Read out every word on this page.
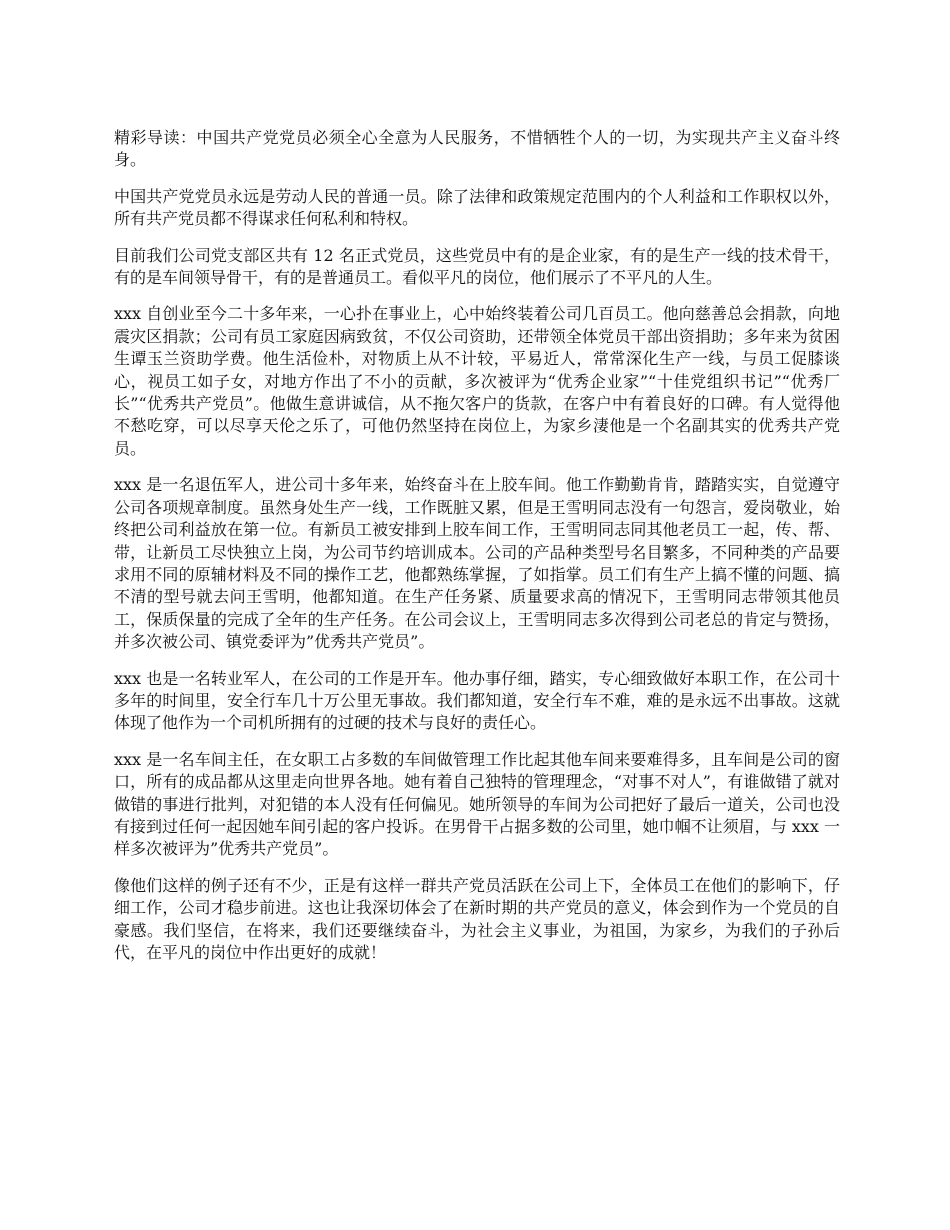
精彩导读：中国共产党党员必须全心全意为人民服务，不惜牺牲个人的一切，为实现共产主义奋斗终身。

中国共产党党员永远是劳动人民的普通一员。除了法律和政策规定范围内的个人利益和工作职权以外，所有共产党员都不得谋求任何私利和特权。

目前我们公司党支部区共有 12 名正式党员，这些党员中有的是企业家，有的是生产一线的技术骨干，有的是车间领导骨干，有的是普通员工。看似平凡的岗位，他们展示了不平凡的人生。

xxx 自创业至今二十多年来，一心扑在事业上，心中始终装着公司几百员工。他向慈善总会捐款，向地震灾区捐款；公司有员工家庭因病致贫，不仅公司资助，还带领全体党员干部出资捐助；多年来为贫困生谭玉兰资助学费。他生活俭朴，对物质上从不计较，平易近人，常常深化生产一线，与员工促膝谈心，视员工如子女，对地方作出了不小的贡献，多次被评为“优秀企业家”“十佳党组织书记”“优秀厂长”“优秀共产党员”。他做生意讲诚信，从不拖欠客户的货款，在客户中有着良好的口碑。有人觉得他不愁吃穿，可以尽享天伦之乐了，可他仍然坚持在岗位上，为家乡淒他是一个名副其实的优秀共产党员。

xxx 是一名退伍军人，进公司十多年来，始终奋斗在上胶车间。他工作勤勤肯肯，踏踏实实，自觉遵守公司各项规章制度。虽然身处生产一线，工作既脏又累，但是王雪明同志没有一句怨言，爱岗敬业，始终把公司利益放在第一位。有新员工被安排到上胶车间工作，王雪明同志同其他老员工一起，传、帮、带，让新员工尽快独立上岗，为公司节约培训成本。公司的产品种类型号名目繁多，不同种类的产品要求用不同的原辅材料及不同的操作工艺，他都熟练掌握，了如指掌。员工们有生产上搞不懂的问题、搞不清的型号就去问王雪明，他都知道。在生产任务紧、质量要求高的情况下，王雪明同志带领其他员工，保质保量的完成了全年的生产任务。在公司会议上，王雪明同志多次得到公司老总的肯定与赞扬，并多次被公司、镇党委评为”优秀共产党员”。

xxx 也是一名转业军人，在公司的工作是开车。他办事仔细，踏实，专心细致做好本职工作，在公司十多年的时间里，安全行车几十万公里无事故。我们都知道，安全行车不难，难的是永远不出事故。这就体现了他作为一个司机所拥有的过硬的技术与良好的责任心。

xxx 是一名车间主任，在女职工占多数的车间做管理工作比起其他车间来要难得多，且车间是公司的窗口，所有的成品都从这里走向世界各地。她有着自己独特的管理理念，“对事不对人”，有谁做错了就对做错的事进行批判，对犯错的本人没有任何偏见。她所领导的车间为公司把好了最后一道关，公司也没有接到过任何一起因她车间引起的客户投诉。在男骨干占据多数的公司里，她巾帼不让须眉，与 xxx 一样多次被评为”优秀共产党员”。

像他们这样的例子还有不少，正是有这样一群共产党员活跃在公司上下，全体员工在他们的影响下，仔细工作，公司才稳步前进。这也让我深切体会了在新时期的共产党员的意义，体会到作为一个党员的自豪感。我们坚信，在将来，我们还要继续奋斗，为社会主义事业，为祖国，为家乡，为我们的子孙后代，在平凡的岗位中作出更好的成就！
